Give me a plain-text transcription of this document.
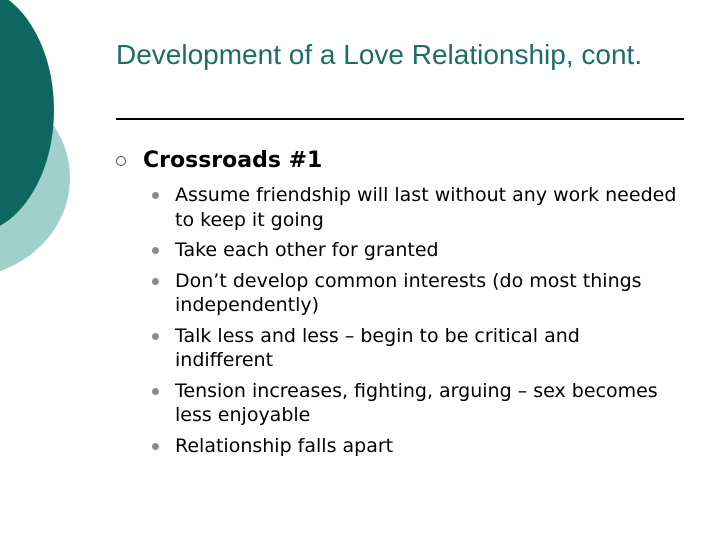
Development of a Love Relationship, cont.
Crossroads #1
Assume friendship will last without any work needed to keep it going
Take each other for granted
Don’t develop common interests (do most things independently)
Talk less and less – begin to be critical and indifferent
Tension increases, fighting, arguing – sex becomes less enjoyable
Relationship falls apart
